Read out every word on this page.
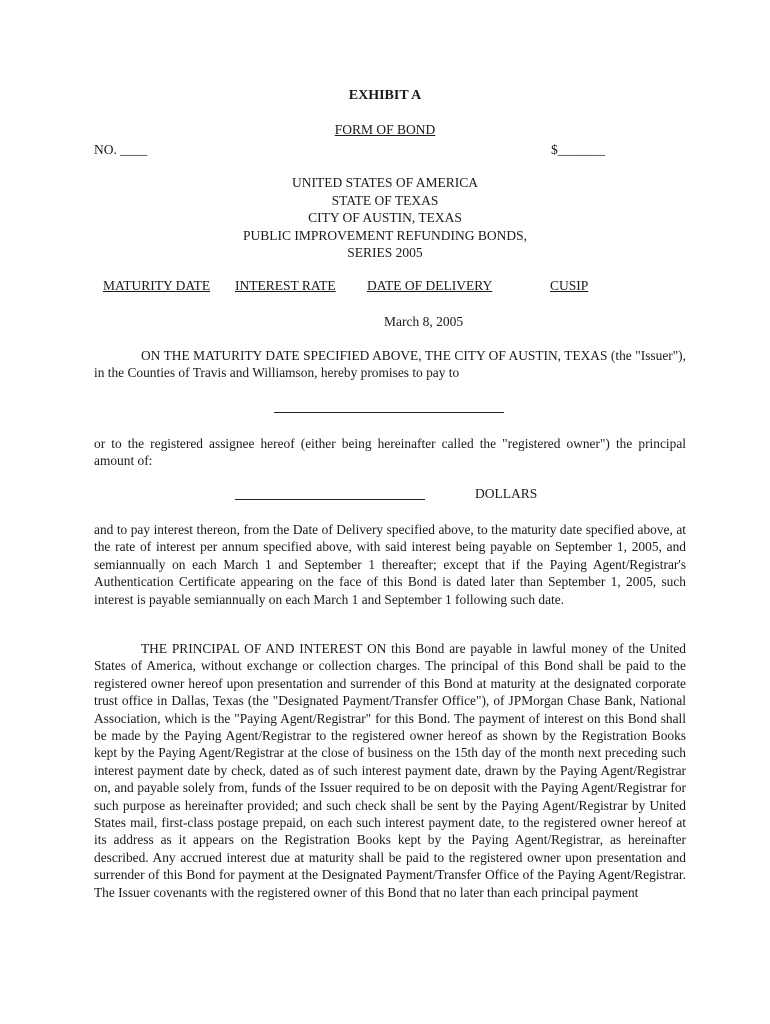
EXHIBIT A
FORM OF BOND
NO. ____	$_______
UNITED STATES OF AMERICA
STATE OF TEXAS
CITY OF AUSTIN, TEXAS
PUBLIC IMPROVEMENT REFUNDING BONDS,
SERIES 2005
MATURITY DATE INTEREST RATE DATE OF DELIVERY	CUSIP
March 8, 2005
ON THE MATURITY DATE SPECIFIED ABOVE, THE CITY OF AUSTIN, TEXAS (the "Issuer"), in the Counties of Travis and Williamson, hereby promises to pay to
or to the registered assignee hereof (either being hereinafter called the "registered owner") the principal amount of:
DOLLARS
and to pay interest thereon, from the Date of Delivery specified above, to the maturity date specified above, at the rate of interest per annum specified above, with said interest being payable on September 1, 2005, and semiannually on each March 1 and September 1 thereafter; except that if the Paying Agent/Registrar's Authentication Certificate appearing on the face of this Bond is dated later than September 1, 2005, such interest is payable semiannually on each March 1 and September 1 following such date.
THE PRINCIPAL OF AND INTEREST ON this Bond are payable in lawful money of the United States of America, without exchange or collection charges. The principal of this Bond shall be paid to the registered owner hereof upon presentation and surrender of this Bond at maturity at the designated corporate trust office in Dallas, Texas (the "Designated Payment/Transfer Office"), of JPMorgan Chase Bank, National Association, which is the "Paying Agent/Registrar" for this Bond. The payment of interest on this Bond shall be made by the Paying Agent/Registrar to the registered owner hereof as shown by the Registration Books kept by the Paying Agent/Registrar at the close of business on the 15th day of the month next preceding such interest payment date by check, dated as of such interest payment date, drawn by the Paying Agent/Registrar on, and payable solely from, funds of the Issuer required to be on deposit with the Paying Agent/Registrar for such purpose as hereinafter provided; and such check shall be sent by the Paying Agent/Registrar by United States mail, first-class postage prepaid, on each such interest payment date, to the registered owner hereof at its address as it appears on the Registration Books kept by the Paying Agent/Registrar, as hereinafter described. Any accrued interest due at maturity shall be paid to the registered owner upon presentation and surrender of this Bond for payment at the Designated Payment/Transfer Office of the Paying Agent/Registrar. The Issuer covenants with the registered owner of this Bond that no later than each principal payment
